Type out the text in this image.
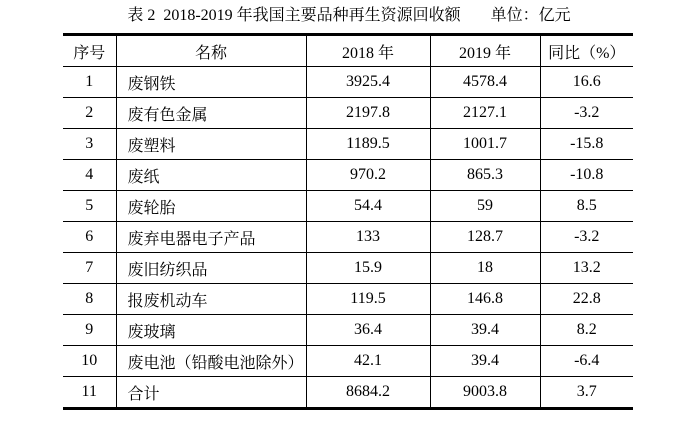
表 2  2018-2019 年我国主要品种再生资源回收额 单位：亿元
序号	名称	2018 年	2019 年	同比（%）
1	废钢铁	3925.4	4578.4	16.6
2	废有色金属	2197.8	2127.1	-3.2
3	废塑料	1189.5	1001.7	-15.8
4	废纸	970.2	865.3	-10.8
5	废轮胎	54.4	59	8.5
6	废弃电器电子产品	133	128.7	-3.2
7	废旧纺织品	15.9	18	13.2
8	报废机动车	119.5	146.8	22.8
9	废玻璃	36.4	39.4	8.2
10	废电池（铅酸电池除外）	42.1	39.4	-6.4
11	合计	8684.2	9003.8	3.7
